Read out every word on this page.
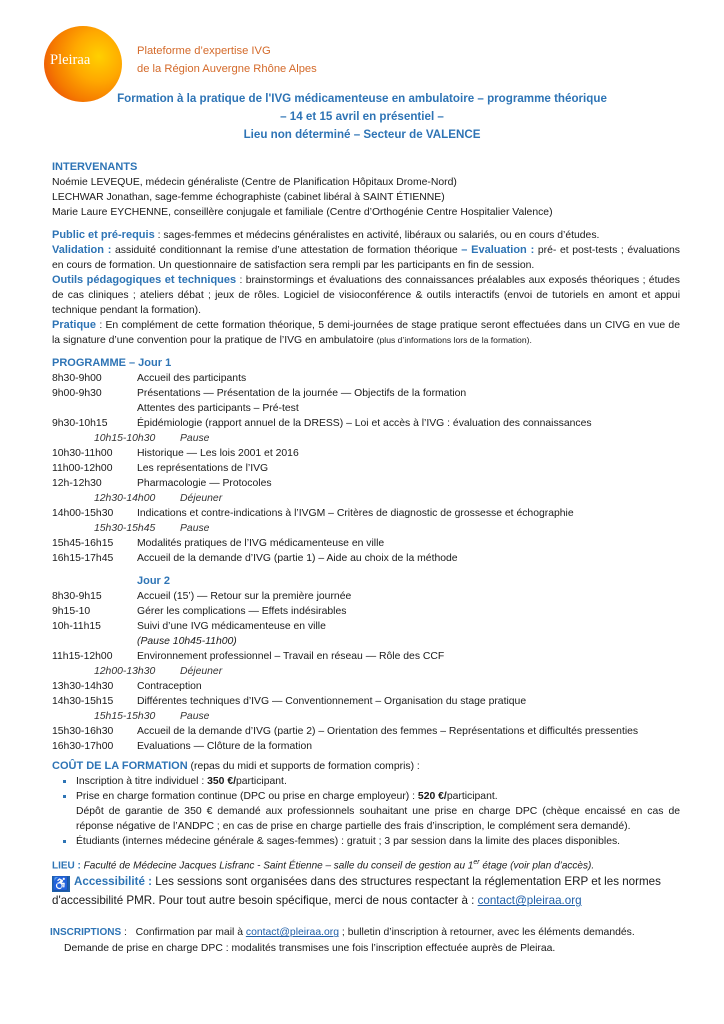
Pleiraa
Plateforme d’expertise IVG
de la Région Auvergne Rhône Alpes
Formation à la pratique de l'IVG médicamenteuse en ambulatoire – programme théorique
– 14 et 15 avril en présentiel –
Lieu non déterminé – Secteur de VALENCE
INTERVENANTS
Noémie LEVEQUE, médecin généraliste (Centre de Planification Hôpitaux Drome-Nord)
LECHWAR Jonathan, sage-femme échographiste (cabinet libéral à SAINT ÉTIENNE)
Marie Laure EYCHENNE, conseillère conjugale et familiale (Centre d’Orthogénie Centre Hospitalier Valence)
Public et pré-requis : sages-femmes et médecins généralistes en activité, libéraux ou salariés, ou en cours d’études.
Validation : assiduité conditionnant la remise d’une attestation de formation théorique – Evaluation : pré- et post-tests ; évaluations en cours de formation. Un questionnaire de satisfaction sera rempli par les participants en fin de session.
Outils pédagogiques et techniques : brainstormings et évaluations des connaissances préalables aux exposés théoriques ; études de cas cliniques ; ateliers débat ; jeux de rôles. Logiciel de visioconférence & outils interactifs (envoi de tutoriels en amont et appui technique pendant la formation).
Pratique : En complément de cette formation théorique, 5 demi-journées de stage pratique seront effectuées dans un CIVG en vue de la signature d’une convention pour la pratique de l’IVG en ambulatoire (plus d’informations lors de la formation).
PROGRAMME – Jour 1
8h30-9h00	Accueil des participants
9h00-9h30	Présentations — Présentation de la journée — Objectifs de la formation
Attentes des participants – Pré-test
9h30-10h15	Épidémiologie (rapport annuel de la DRESS) – Loi et accès à l’IVG : évaluation des connaissances
10h15-10h30	Pause
10h30-11h00	Historique — Les lois 2001 et 2016
11h00-12h00	Les représentations de l’IVG
12h-12h30	Pharmacologie — Protocoles
12h30-14h00	Déjeuner
14h00-15h30	Indications et contre-indications à l’IVGM – Critères de diagnostic de grossesse et échographie
15h30-15h45	Pause
15h45-16h15	Modalités pratiques de l’IVG médicamenteuse en ville
16h15-17h45	Accueil de la demande d’IVG (partie 1) – Aide au choix de la méthode
Jour 2
8h30-9h15	Accueil (15’) — Retour sur la première journée
9h15-10	Gérer les complications — Effets indésirables
10h-11h15	Suivi d’une IVG médicamenteuse en ville
(Pause 10h45-11h00)
11h15-12h00	Environnement professionnel – Travail en réseau — Rôle des CCF
12h00-13h30	Déjeuner
13h30-14h30	Contraception
14h30-15h15	Différentes techniques d’IVG — Conventionnement – Organisation du stage pratique
15h15-15h30	Pause
15h30-16h30	Accueil de la demande d’IVG (partie 2) – Orientation des femmes – Représentations et difficultés pressenties
16h30-17h00	Evaluations — Clôture de la formation
COÛT DE LA FORMATION (repas du midi et supports de formation compris) :
Inscription à titre individuel : 350 €/participant.
Prise en charge formation continue (DPC ou prise en charge employeur) : 520 €/participant.
Dépôt de garantie de 350 € demandé aux professionnels souhaitant une prise en charge DPC (chèque encaissé en cas de réponse négative de l’ANDPC ; en cas de prise en charge partielle des frais d’inscription, le complément sera demandé).
Étudiants (internes médecine générale & sages-femmes) : gratuit ; 3 par session dans la limite des places disponibles.
LIEU : Faculté de Médecine Jacques Lisfranc - Saint Étienne – salle du conseil de gestion au 1er étage (voir plan d’accès).
♿ Accessibilité : Les sessions sont organisées dans des structures respectant la réglementation ERP et les normes d'accessibilité PMR. Pour tout autre besoin spécifique, merci de nous contacter à : contact@pleiraa.org
INSCRIPTIONS :   Confirmation par mail à contact@pleiraa.org ; bulletin d’inscription à retourner, avec les éléments demandés.
Demande de prise en charge DPC : modalités transmises une fois l’inscription effectuée auprès de Pleiraa.
